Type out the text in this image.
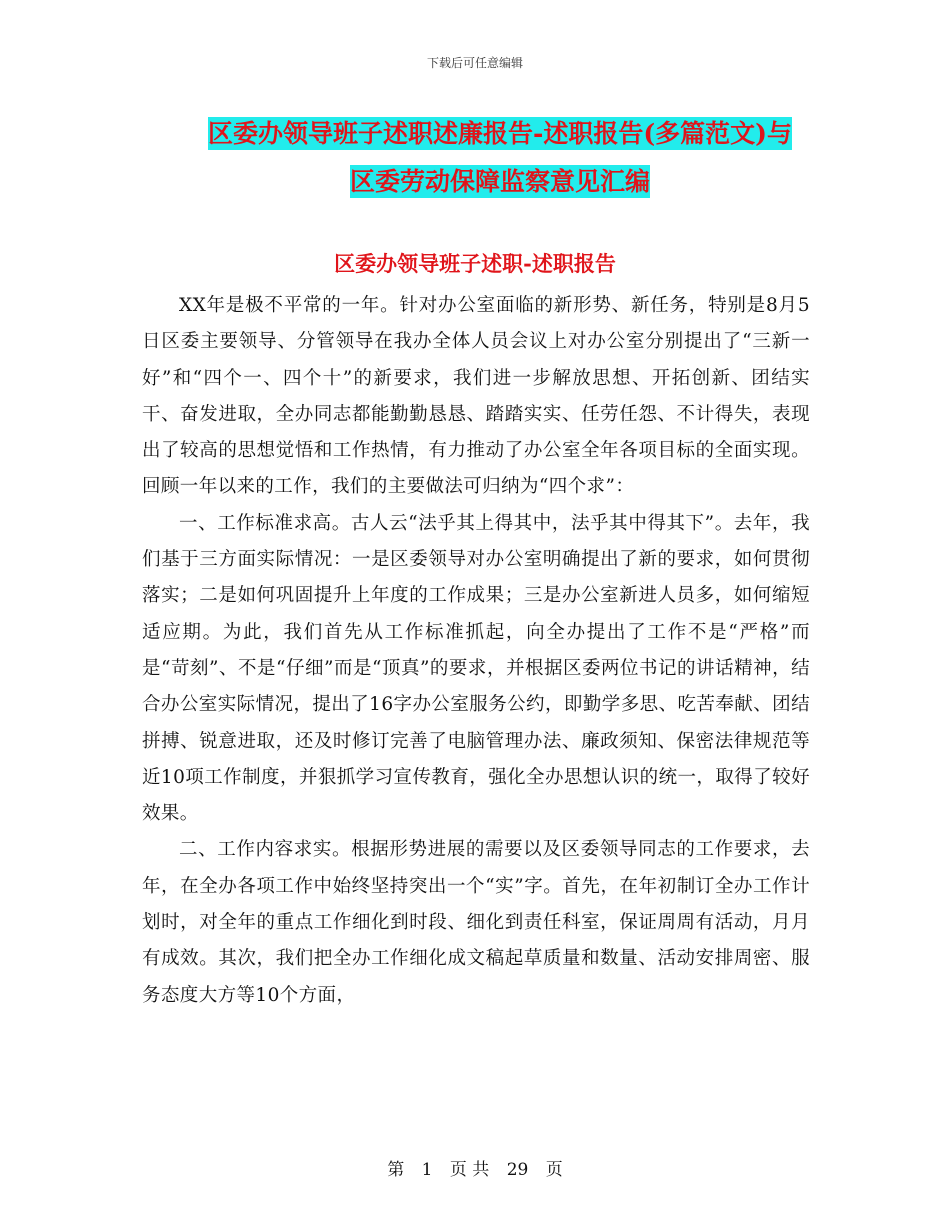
下载后可任意编辑
区委办领导班子述职述廉报告-述职报告(多篇范文)与
区委劳动保障监察意见汇编
区委办领导班子述职-述职报告

XX年是极不平常的一年。针对办公室面临的新形势、新任务，特别是8月5日区委主要领导、分管领导在我办全体人员会议上对办公室分别提出了“三新一好”和“四个一、四个十”的新要求，我们进一步解放思想、开拓创新、团结实干、奋发进取，全办同志都能勤勤恳恳、踏踏实实、任劳任怨、不计得失，表现出了较高的思想觉悟和工作热情，有力推动了办公室全年各项目标的全面实现。回顾一年以来的工作，我们的主要做法可归纳为“四个求”：

一、工作标准求高。古人云“法乎其上得其中，法乎其中得其下”。去年，我们基于三方面实际情况：一是区委领导对办公室明确提出了新的要求，如何贯彻落实；二是如何巩固提升上年度的工作成果；三是办公室新进人员多，如何缩短适应期。为此，我们首先从工作标准抓起，向全办提出了工作不是“严格”而是“苛刻”、不是“仔细”而是“顶真”的要求，并根据区委两位书记的讲话精神，结合办公室实际情况，提出了16字办公室服务公约，即勤学多思、吃苦奉献、团结拼搏、锐意进取，还及时修订完善了电脑管理办法、廉政须知、保密法律规范等近10项工作制度，并狠抓学习宣传教育，强化全办思想认识的统一，取得了较好效果。

二、工作内容求实。根据形势进展的需要以及区委领导同志的工作要求，去年，在全办各项工作中始终坚持突出一个“实”字。首先，在年初制订全办工作计划时，对全年的重点工作细化到时段、细化到责任科室，保证周周有活动，月月有成效。其次，我们把全办工作细化成文稿起草质量和数量、活动安排周密、服务态度大方等10个方面，

第 1 页 共 29 页
